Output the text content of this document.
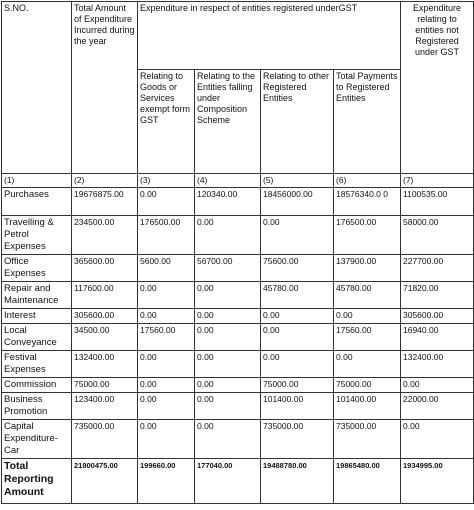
S.NO.	Total Amount of Expenditure Incurred during the year	Expenditure in respect of entities registered underGST				Expenditure relating to entities not Registered under GST
		Relating to Goods or Services exempt form GST	Relating to the Entities falling under Composition Scheme	Relating to other Registered Entities	Total Payments to Registered Entities	
(1)	(2)	(3)	(4)	(5)	(6)	(7)
Purchases	19676875.00	0.00	120340.00	18456000.00	18576340.0 0	1100535.00
Travelling & Petrol Expenses	234500.00	176500.00	0.00	0.00	176500.00	58000.00
Office Expenses	365600.00	5600.00	56700.00	75600.00	137900.00	227700.00
Repair and Maintenance	117600.00	0.00	0.00	45780.00	45780.00	71820.00
Interest	305600.00	0.00	0.00	0.00	0.00	305600.00
Local Conveyance	34500.00	17560.00	0.00	0.00	17560.00	16940.00
Festival Expenses	132400.00	0.00	0.00	0.00	0.00	132400.00
Commission	75000.00	0.00	0.00	75000.00	75000.00	0.00
Business Promotion	123400.00	0.00	0.00	101400.00	101400.00	22000.00
Capital Expenditure-Car	735000.00	0.00	0.00	735000.00	735000.00	0.00
Total Reporting Amount	21800475.00	199660.00	177040.00	19488780.00	19865480.00	1934995.00
